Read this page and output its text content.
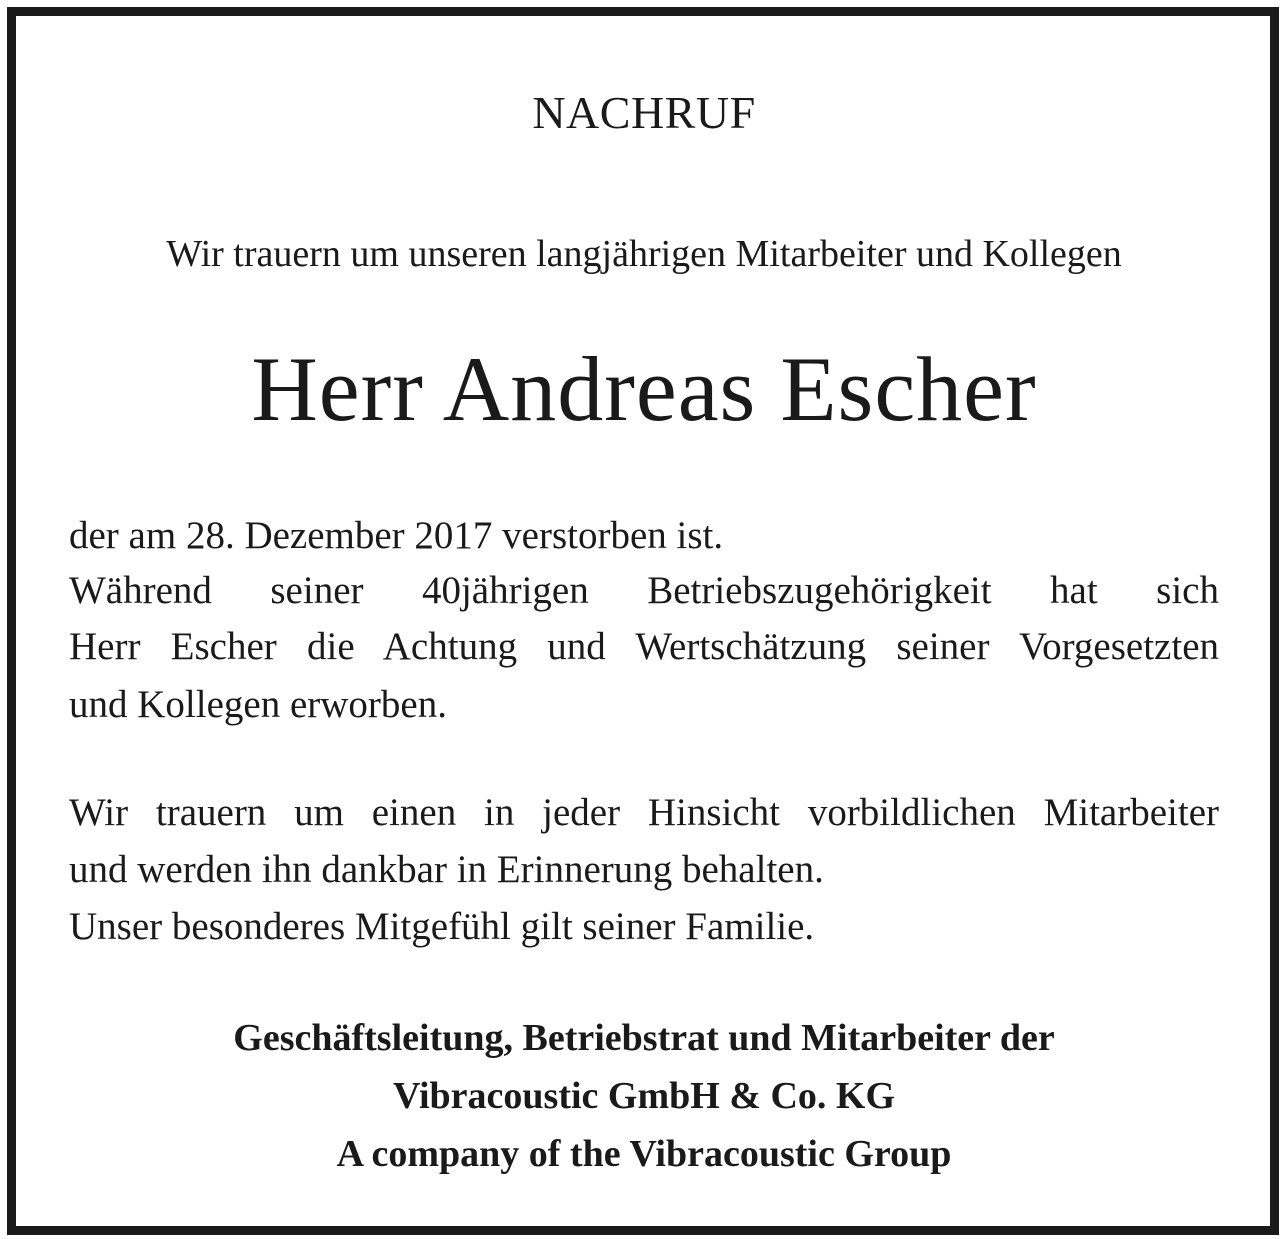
NACHRUF
Wir trauern um unseren langjährigen Mitarbeiter und Kollegen
Herr Andreas Escher
der am 28. Dezember 2017 verstorben ist.
Während seiner 40jährigen Betriebszugehörigkeit hat sich
Herr Escher die Achtung und Wertschätzung seiner Vorgesetzten
und Kollegen erworben.
Wir trauern um einen in jeder Hinsicht vorbildlichen Mitarbeiter
und werden ihn dankbar in Erinnerung behalten.
Unser besonderes Mitgefühl gilt seiner Familie.
Geschäftsleitung, Betriebstrat und Mitarbeiter der
Vibracoustic GmbH & Co. KG
A company of the Vibracoustic Group
